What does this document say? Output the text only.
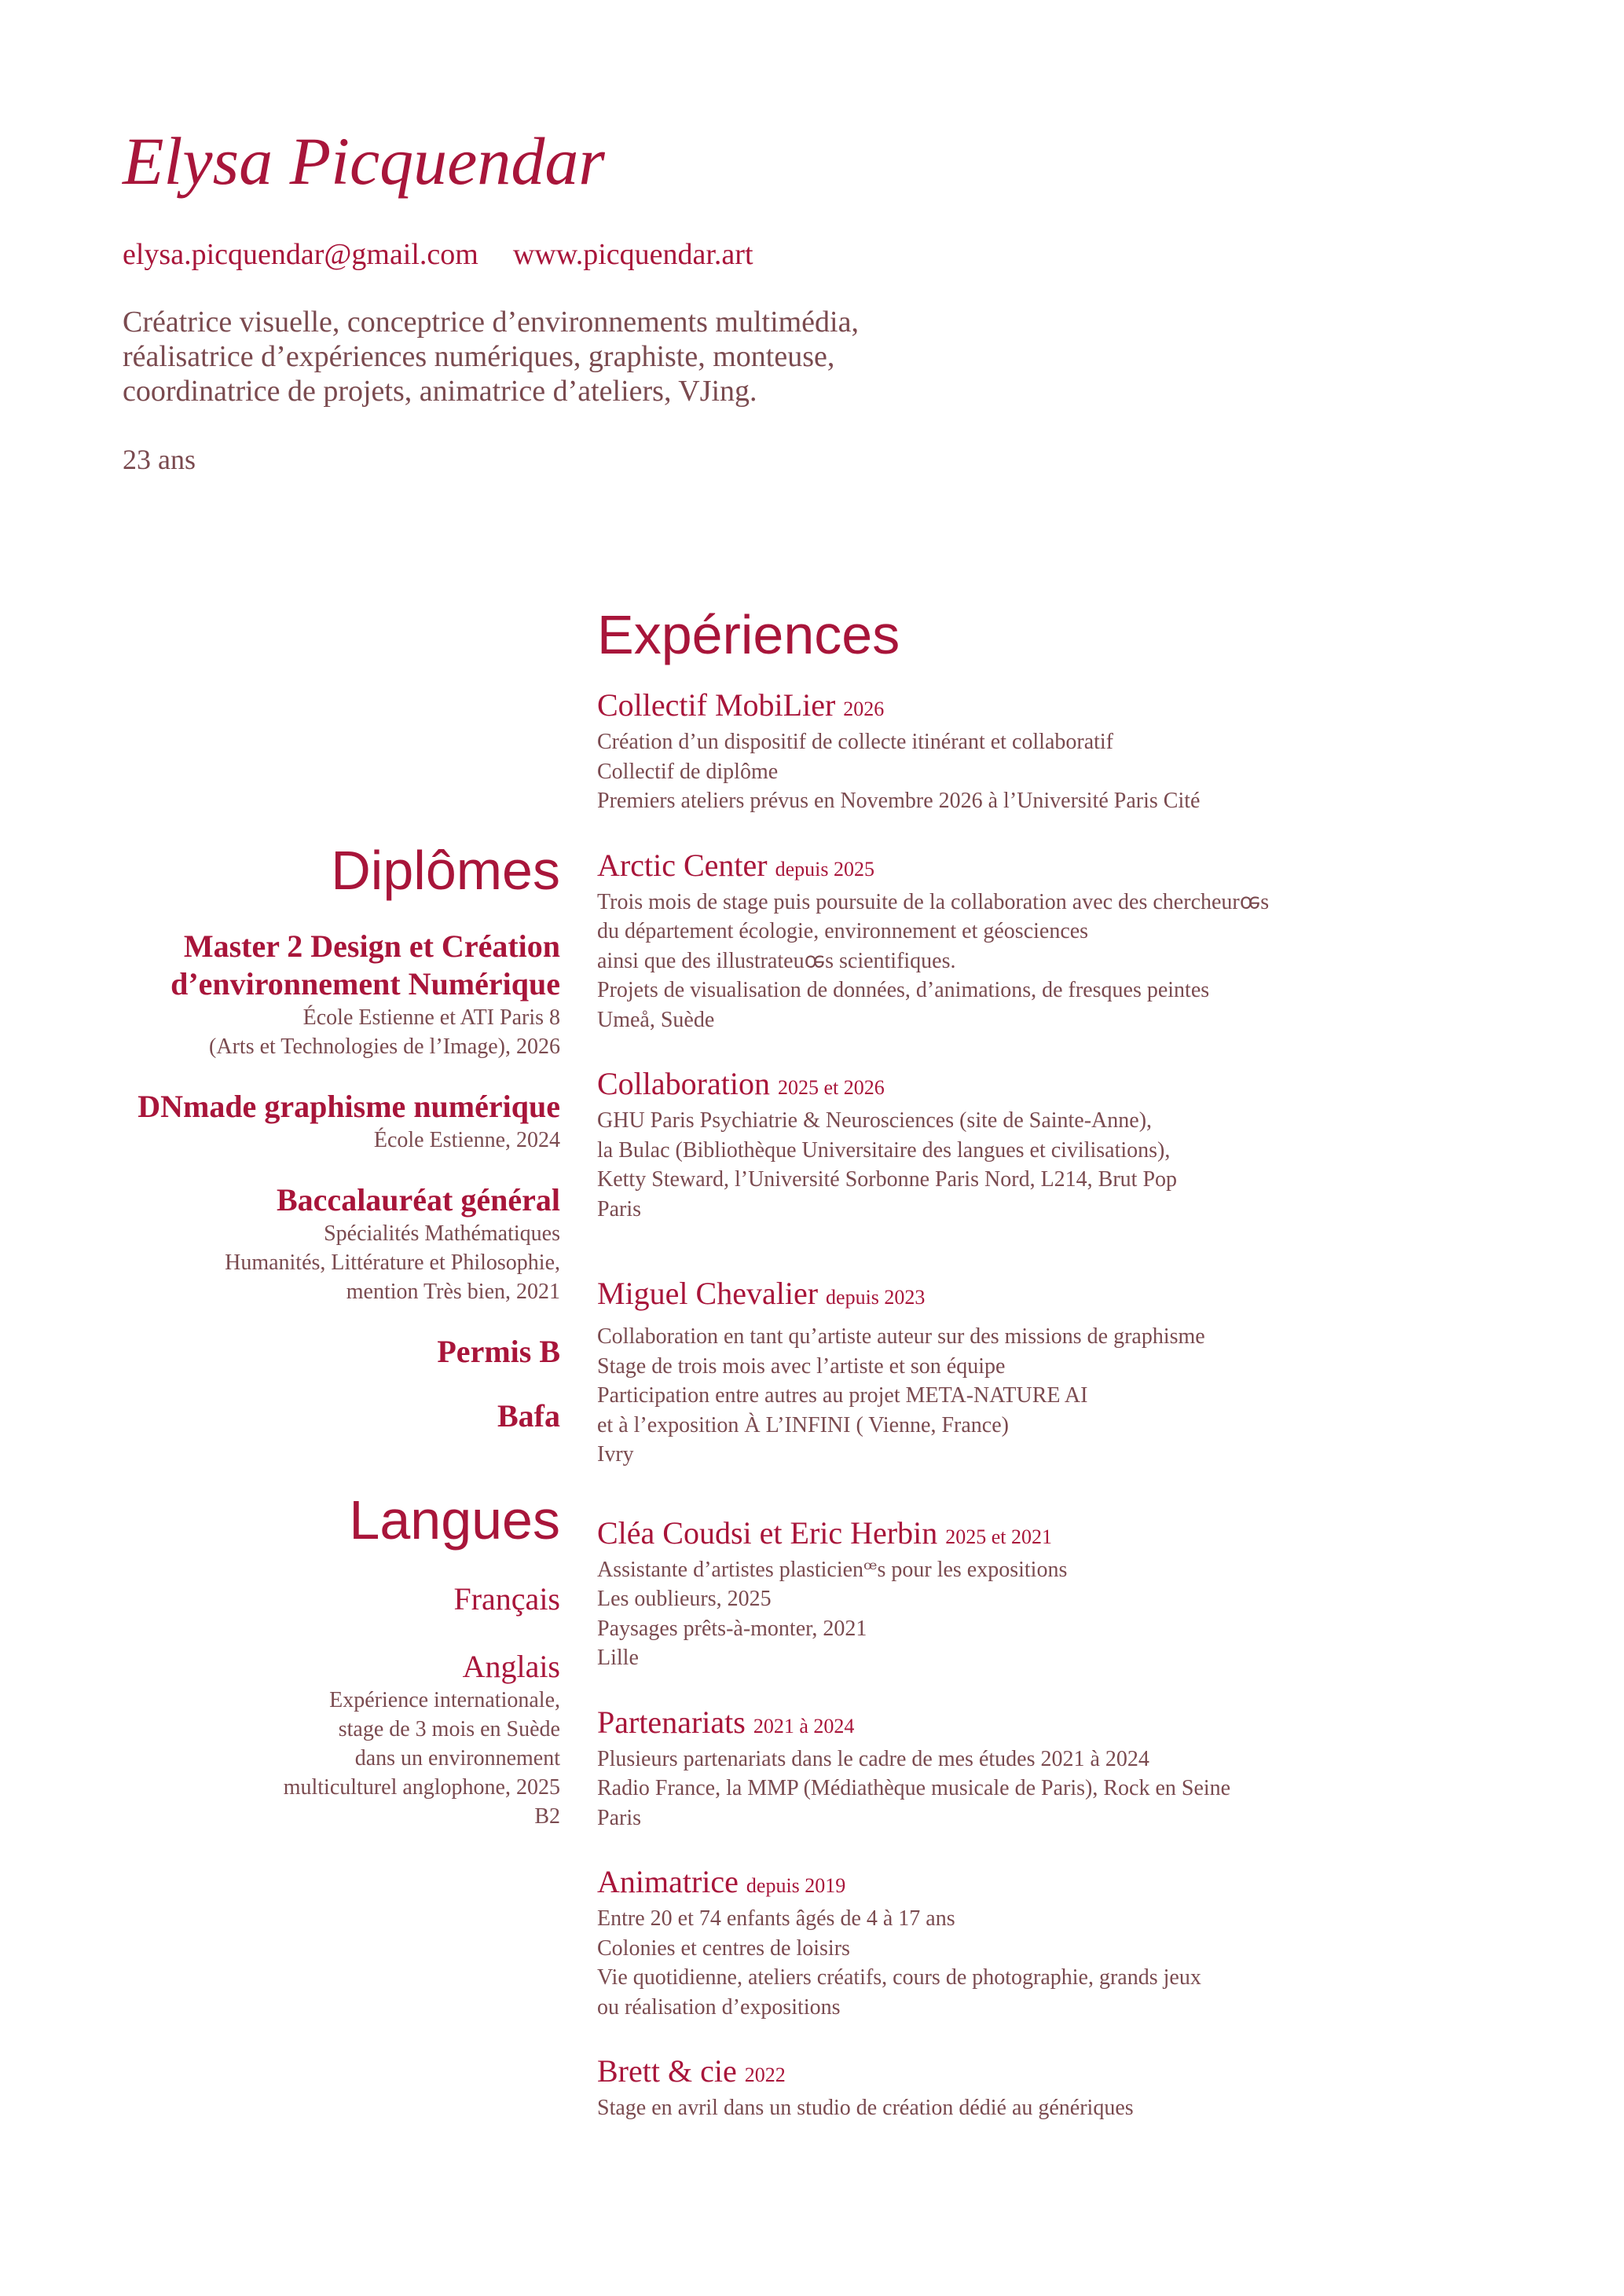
Elysa Picquendar
elysa.picquendar@gmail.com www.picquendar.art
Créatrice visuelle, conceptrice d’environnements multimédia,
réalisatrice d’expériences numériques, graphiste, monteuse,
coordinatrice de projets, animatrice d’ateliers, VJing.
23 ans
Diplômes
Master 2 Design et Création
d’environnement Numérique
École Estienne et ATI Paris 8
(Arts et Technologies de l’Image), 2026
DNmade graphisme numérique
École Estienne, 2024
Baccalauréat général
Spécialités Mathématiques
Humanités, Littérature et Philosophie,
mention Très bien, 2021
Permis B
Bafa
Langues
Français
Anglais
Expérience internationale,
stage de 3 mois en Suède
dans un environnement
multiculturel anglophone, 2025
B2
Expériences
Collectif MobiLier 2026
Création d’un dispositif de collecte itinérant et collaboratif
Collectif de diplôme
Premiers ateliers prévus en Novembre 2026 à l’Université Paris Cité
Arctic Center depuis 2025
Trois mois de stage puis poursuite de la collaboration avec des chercheurꭀs
du département écologie, environnement et géosciences
ainsi que des illustrateuꭀs scientifiques.
Projets de visualisation de données, d’animations, de fresques peintes
Umeå, Suède
Collaboration 2025 et 2026
GHU Paris Psychiatrie & Neurosciences (site de Sainte-Anne),
la Bulac (Bibliothèque Universitaire des langues et civilisations),
Ketty Steward, l’Université Sorbonne Paris Nord, L214, Brut Pop
Paris
Miguel Chevalier depuis 2023
Collaboration en tant qu’artiste auteur sur des missions de graphisme
Stage de trois mois avec l’artiste et son équipe
Participation entre autres au projet META-NATURE AI
et à l’exposition À L’INFINI ( Vienne, France)
Ivry
Cléa Coudsi et Eric Herbin 2025 et 2021
Assistante d’artistes plasticienꟹs pour les expositions
Les oublieurs, 2025
Paysages prêts-à-monter, 2021
Lille
Partenariats 2021 à 2024
Plusieurs partenariats dans le cadre de mes études 2021 à 2024
Radio France, la MMP (Médiathèque musicale de Paris), Rock en Seine
Paris
Animatrice depuis 2019
Entre 20 et 74 enfants âgés de 4 à 17 ans
Colonies et centres de loisirs
Vie quotidienne, ateliers créatifs, cours de photographie, grands jeux
ou réalisation d’expositions
Brett & cie 2022
Stage en avril dans un studio de création dédié au génériques
